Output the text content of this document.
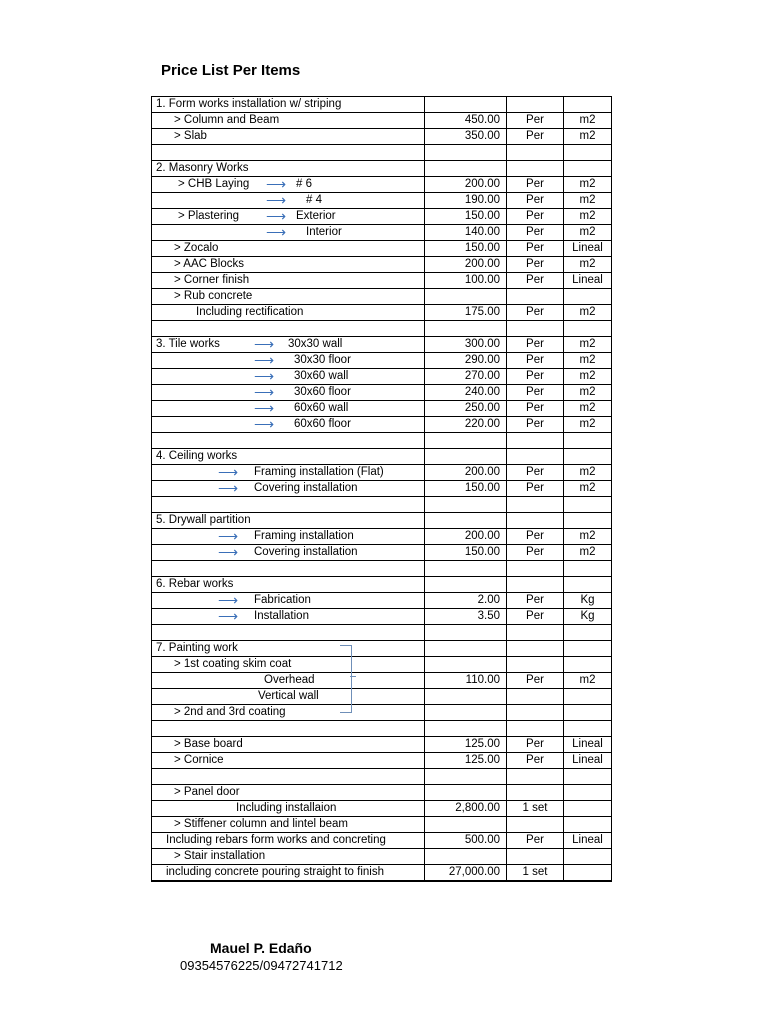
Price List Per Items
1. Form works installation w/ striping			

> Column and Beam	450.00	Per	m2

> Slab	350.00	Per	m2

2. Masonry Works			

> CHB Laying ⟶ # 6	200.00	Per	m2

⟶ # 4	190.00	Per	m2

> Plastering ⟶ Exterior	150.00	Per	m2

⟶ Interior	140.00	Per	m2

> Zocalo	150.00	Per	Lineal

> AAC Blocks	200.00	Per	m2

> Corner finish	100.00	Per	Lineal

> Rub concrete			

Including rectification	175.00	Per	m2

3. Tile works ⟶ 30x30 wall	300.00	Per	m2

⟶ 30x30 floor	290.00	Per	m2

⟶ 30x60 wall	270.00	Per	m2

⟶ 30x60 floor	240.00	Per	m2

⟶ 60x60 wall	250.00	Per	m2

⟶ 60x60 floor	220.00	Per	m2

4. Ceiling works			

⟶ Framing installation (Flat)	200.00	Per	m2

⟶ Covering installation	150.00	Per	m2

5. Drywall partition			

⟶ Framing installation	200.00	Per	m2

⟶ Covering installation	150.00	Per	m2

6. Rebar works			

⟶ Fabrication	2.00	Per	Kg

⟶ Installation	3.50	Per	Kg

7. Painting work			

> 1st coating skim coat			

Overhead	110.00	Per	m2

Vertical wall			

> 2nd and 3rd coating			

> Base board	125.00	Per	Lineal

> Cornice	125.00	Per	Lineal

> Panel door			

Including installaion	2,800.00	1 set	

> Stiffener column and lintel beam			

Including rebars form works and concreting	500.00	Per	Lineal

> Stair installation			

including concrete pouring straight to finish	27,000.00	1 set	
Mauel P. Edaño
09354576225/09472741712
